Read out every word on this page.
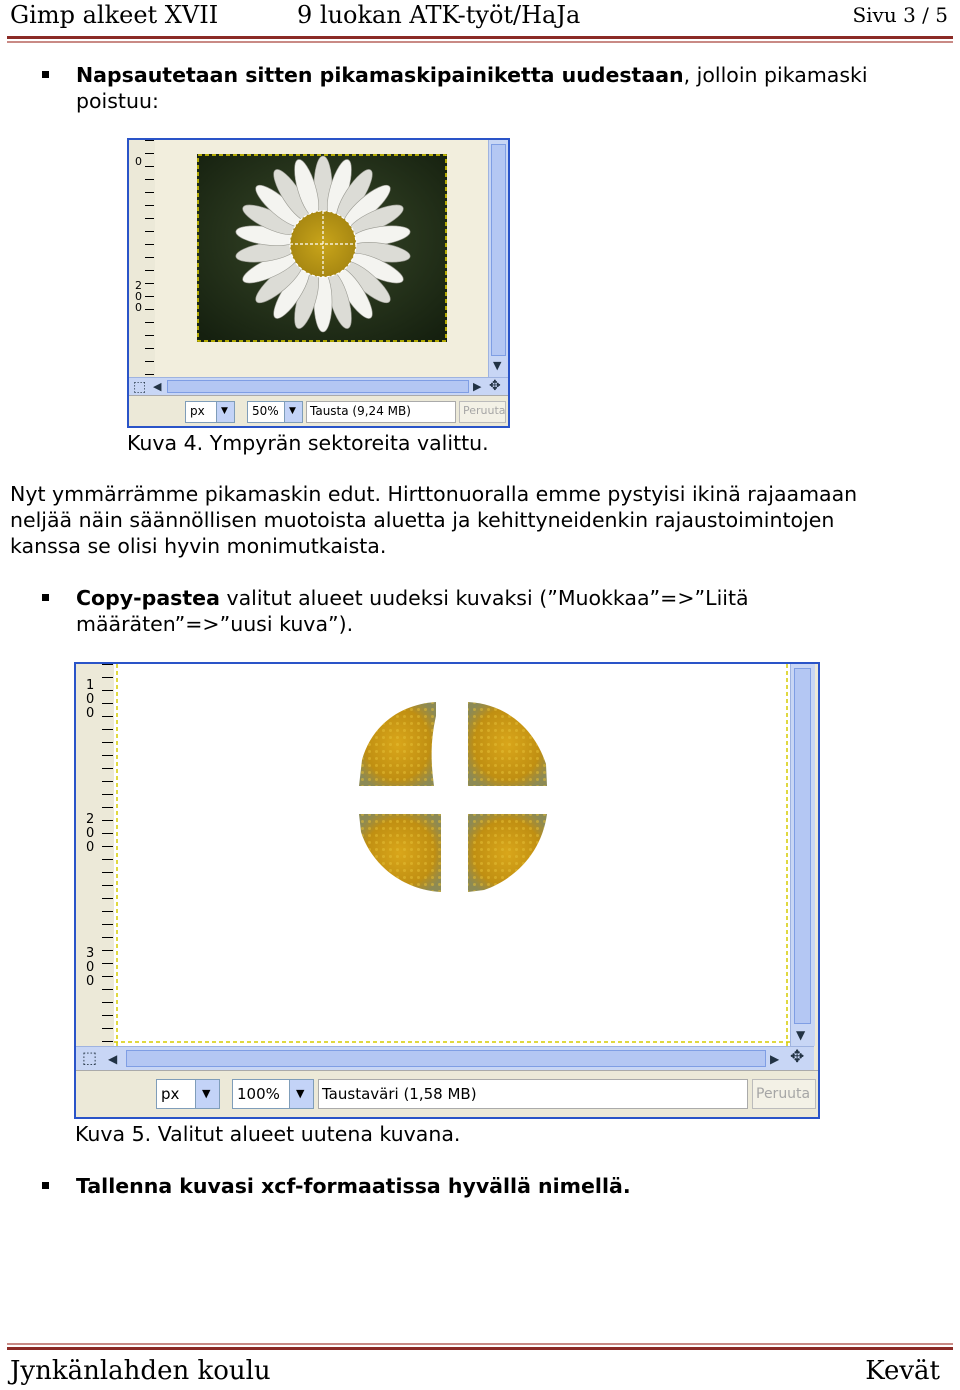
Gimp alkeet XVII	9 luokan ATK-työt/HaJa	Sivu 3 / 5
Napsautetaan sitten pikamaskipainiketta uudestaan, jolloin pikamaski
poistuu:
0
2
0
0
▼
⬚ ◀	▶ ✥
px ▼	50% ▼	Tausta (9,24 MB)	Peruuta
Kuva 4. Ympyrän sektoreita valittu.
Nyt ymmärrämme pikamaskin edut. Hirttonuoralla emme pystyisi ikinä rajaamaan
neljää näin säännöllisen muotoista aluetta ja kehittyneidenkin rajaustoimintojen
kanssa se olisi hyvin monimutkaista.
Copy-pastea valitut alueet uudeksi kuvaksi (”Muokkaa”=>”Liitä
määräten”=>”uusi kuva”).
1
0
0
2
0
0
3
0
0
▼
⬚ ◀	▶ ✥
px ▼	100% ▼ Taustaväri (1,58 MB)	Peruuta
Kuva 5. Valitut alueet uutena kuvana.
Tallenna kuvasi xcf-formaatissa hyvällä nimellä.
Jynkänlahden koulu	Kevät
